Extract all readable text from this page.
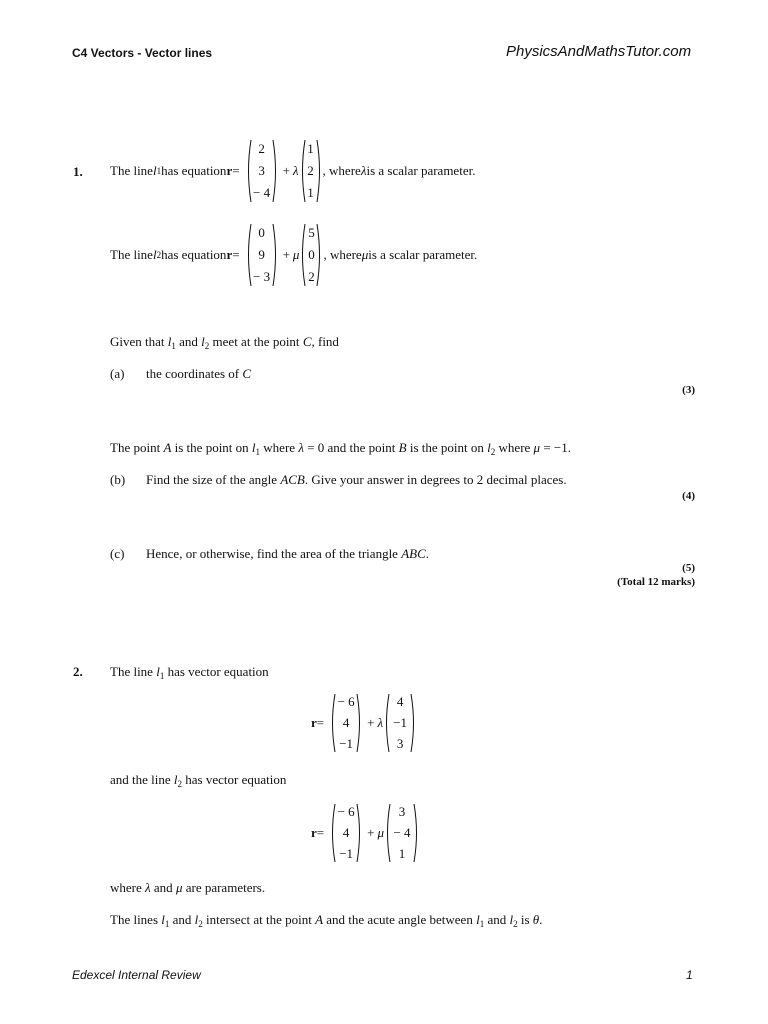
C4 Vectors - Vector lines	PhysicsAndMathsTutor.com
1. The line l 1 has equation r =
2
3
− 4
+ λ
1
2
1
, where λ is a scalar parameter.
The line l 2 has equation r =
0
9
− 3
+ μ
5
0
2
, where μ is a scalar parameter.
Given that $l_1$ and $l_2$ meet at the point C, find
(a) the coordinates of C
(3)
The point A is the point on $l_1$ where λ = 0 and the point B is the point on $l_2$ where μ = −1.
(b) Find the size of the angle ACB. Give your answer in degrees to 2 decimal places.
(4)
(c) Hence, or otherwise, find the area of the triangle ABC.
(5)
(Total 12 marks)
2. The line $l_1$ has vector equation
r =
− 6
4
−1
+ λ
4
−1
3
and the line $l_2$ has vector equation
r =
− 6
4
−1
+ μ
3
− 4
1
where λ and μ are parameters.
The lines $l_1$ and $l_2$ intersect at the point A and the acute angle between $l_1$ and $l_2$ is θ.
Edexcel Internal Review	1
